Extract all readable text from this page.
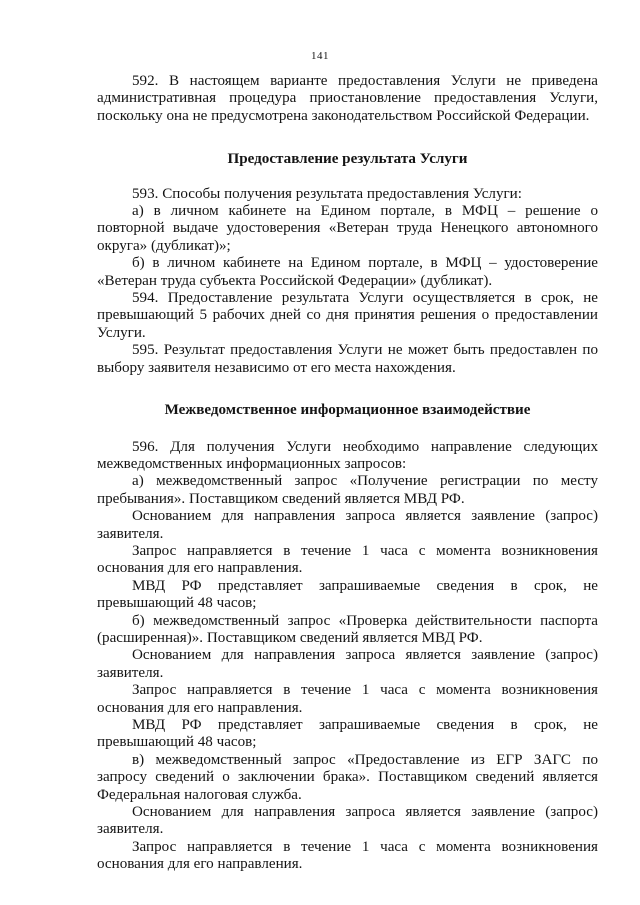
141

592. В настоящем варианте предоставления Услуги не приведена административная процедура приостановление предоставления Услуги, поскольку она не предусмотрена законодательством Российской Федерации.

Предоставление результата Услуги

593. Способы получения результата предоставления Услуги:

а) в личном кабинете на Едином портале, в МФЦ – решение о повторной выдаче удостоверения «Ветеран труда Ненецкого автономного округа» (дубликат)»;

б) в личном кабинете на Едином портале, в МФЦ – удостоверение «Ветеран труда субъекта Российской Федерации» (дубликат).

594. Предоставление результата Услуги осуществляется в срок, не превышающий 5 рабочих дней со дня принятия решения о предоставлении Услуги.

595. Результат предоставления Услуги не может быть предоставлен по выбору заявителя независимо от его места нахождения.

Межведомственное информационное взаимодействие

596. Для получения Услуги необходимо направление следующих межведомственных информационных запросов:

а) межведомственный запрос «Получение регистрации по месту пребывания». Поставщиком сведений является МВД РФ.

Основанием для направления запроса является заявление (запрос) заявителя.

Запрос направляется в течение 1 часа с момента возникновения основания для его направления.

МВД РФ представляет запрашиваемые сведения в срок, не превышающий 48 часов;

б) межведомственный запрос «Проверка действительности паспорта (расширенная)». Поставщиком сведений является МВД РФ.

Основанием для направления запроса является заявление (запрос) заявителя.

Запрос направляется в течение 1 часа с момента возникновения основания для его направления.

МВД РФ представляет запрашиваемые сведения в срок, не превышающий 48 часов;

в) межведомственный запрос «Предоставление из ЕГР ЗАГС по запросу сведений о заключении брака». Поставщиком сведений является Федеральная налоговая служба.

Основанием для направления запроса является заявление (запрос) заявителя.

Запрос направляется в течение 1 часа с момента возникновения основания для его направления.
